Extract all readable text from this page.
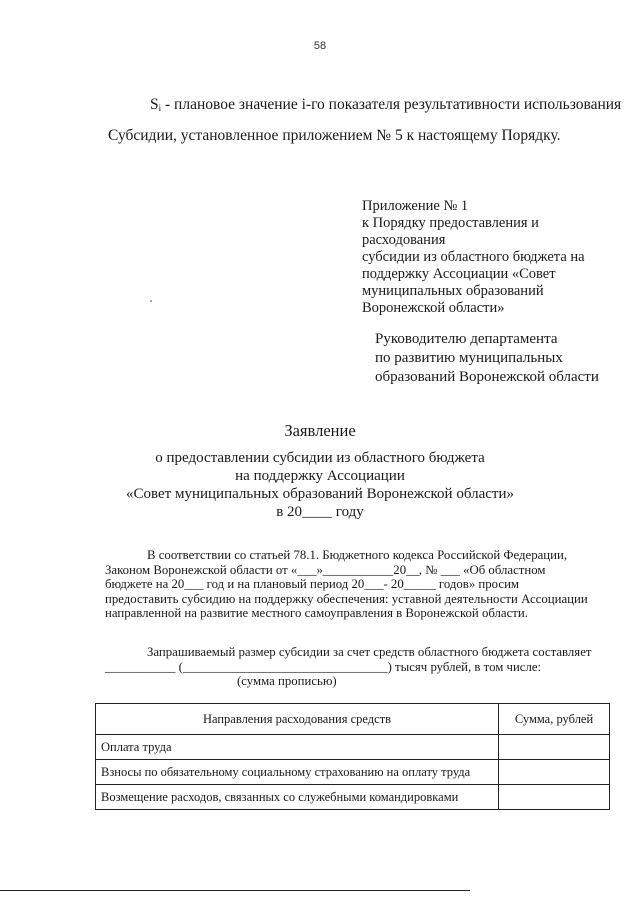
58
$S_i$ - плановое значение i-го показателя результативности использования
Субсидии, установленное приложением № 5 к настоящему Порядку.
Приложение № 1
к Порядку предоставления и
расходования
субсидии из областного бюджета на
поддержку Ассоциации «Совет
муниципальных образований
Воронежской области»
Руководителю департамента
по развитию муниципальных
образований Воронежской области
Заявление
о предоставлении субсидии из областного бюджета
на поддержку Ассоциации
«Совет муниципальных образований Воронежской области»
в 20____ году
В соответствии со статьей 78.1. Бюджетного кодекса Российской Федерации,
Законом Воронежской области от «___»___________20__, № ___ «Об областном
бюджете на 20___ год и на плановый период 20___- 20_____ годов» просим
предоставить субсидию на поддержку обеспечения: уставной деятельности Ассоциации
направленной на развитие местного самоуправления в Воронежской области.
Запрашиваемый размер субсидии за счет средств областного бюджета составляет
___________ (________________________________) тысяч рублей, в том числе:
(сумма прописью)
Направления расходования средств	Сумма, рублей
Оплата труда	
Взносы по обязательному социальному страхованию на оплату труда	
Возмещение расходов, связанных со служебными командировками	
